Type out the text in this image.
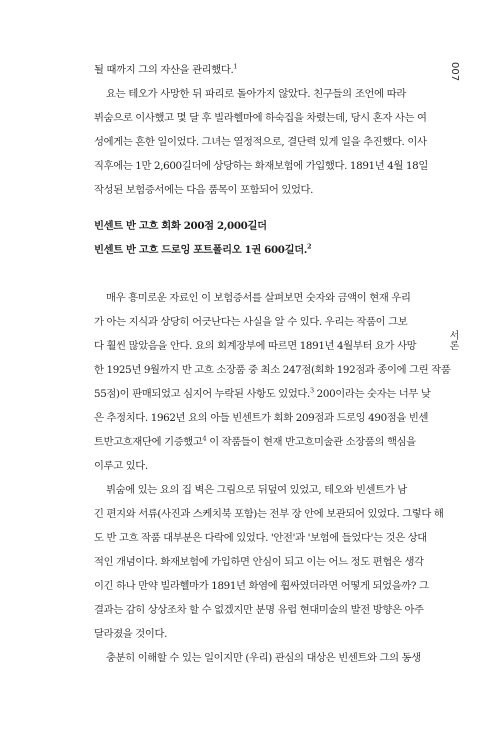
007
서론
될 때까지 그의 자산을 관리했다.$^1$
요는 테오가 사망한 뒤 파리로 돌아가지 않았다. 친구들의 조언에 따라
뷔숨으로 이사했고 몇 달 후 빌라헬마에 하숙집을 차렸는데, 당시 혼자 사는 여
성에게는 흔한 일이었다. 그녀는 열정적으로, 결단력 있게 일을 추진했다. 이사
직후에는 1만 2,600길더에 상당하는 화재보험에 가입했다. 1891년 4월 18일
작성된 보험증서에는 다음 품목이 포함되어 있었다.
빈센트 반 고흐 회화 200점 2,000길더
빈센트 반 고흐 드로잉 포트폴리오 1권 600길더.$^2$
매우 흥미로운 자료인 이 보험증서를 살펴보면 숫자와 금액이 현재 우리
가 아는 지식과 상당히 어긋난다는 사실을 알 수 있다. 우리는 작품이 그보
다 훨씬 많았음을 안다. 요의 회계장부에 따르면 1891년 4월부터 요가 사망
한 1925년 9월까지 반 고흐 소장품 중 최소 247점(회화 192점과 종이에 그린 작품
55점)이 판매되었고 심지어 누락된 사항도 있었다.$^3$ 200이라는 숫자는 너무 낮
은 추정치다. 1962년 요의 아들 빈센트가 회화 209점과 드로잉 490점을 빈센
트반고흐재단에 기증했고$^4$ 이 작품들이 현재 반고흐미술관 소장품의 핵심을
이루고 있다.
뷔숨에 있는 요의 집 벽은 그림으로 뒤덮여 있었고, 테오와 빈센트가 남
긴 편지와 서류(사진과 스케치북 포함)는 전부 장 안에 보관되어 있었다. 그렇다 해
도 반 고흐 작품 대부분은 다락에 있었다. '안전'과 '보험에 들었다'는 것은 상대
적인 개념이다. 화재보험에 가입하면 안심이 되고 이는 어느 정도 편협은 생각
이긴 하나 만약 빌라헬마가 1891년 화염에 휩싸였더라면 어떻게 되었을까? 그
결과는 감히 상상조차 할 수 없겠지만 분명 유럽 현대미술의 발전 방향은 아주
달라졌을 것이다.
충분히 이해할 수 있는 일이지만 (우리) 관심의 대상은 빈센트와 그의 동생
